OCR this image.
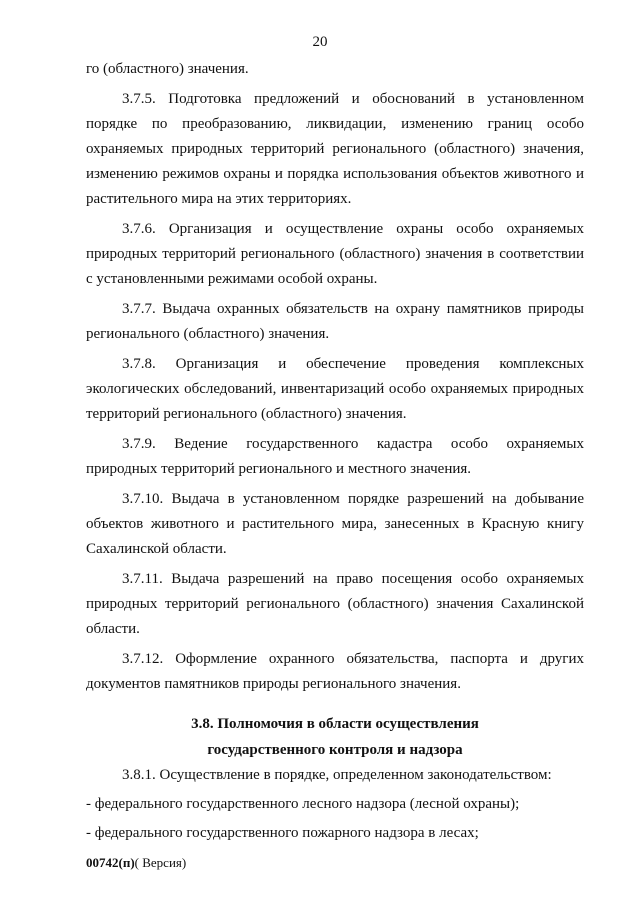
20

го (областного) значения.

3.7.5. Подготовка предложений и обоснований в установленном порядке по преобразованию, ликвидации, изменению границ особо охраняемых природных территорий регионального (областного) значения, изменению режимов охраны и порядка использования объектов животного и растительного мира на этих территориях.

3.7.6. Организация и осуществление охраны особо охраняемых природных территорий регионального (областного) значения в соответствии с установленными режимами особой охраны.

3.7.7. Выдача охранных обязательств на охрану памятников природы регионального (областного) значения.

3.7.8. Организация и обеспечение проведения комплексных экологических обследований, инвентаризаций особо охраняемых природных территорий регионального (областного) значения.

3.7.9. Ведение государственного кадастра особо охраняемых природных территорий регионального и местного значения.

3.7.10. Выдача в установленном порядке разрешений на добывание объектов животного и растительного мира, занесенных в Красную книгу Сахалинской области.

3.7.11. Выдача разрешений на право посещения особо охраняемых природных территорий регионального (областного) значения Сахалинской области.

3.7.12. Оформление охранного обязательства, паспорта и других документов памятников природы регионального значения.

3.8. Полномочия в области осуществления
государственного контроля и надзора

3.8.1. Осуществление в порядке, определенном законодательством:

- федерального государственного лесного надзора (лесной охраны);

- федерального государственного пожарного надзора в лесах;

00742(п)( Версия)
